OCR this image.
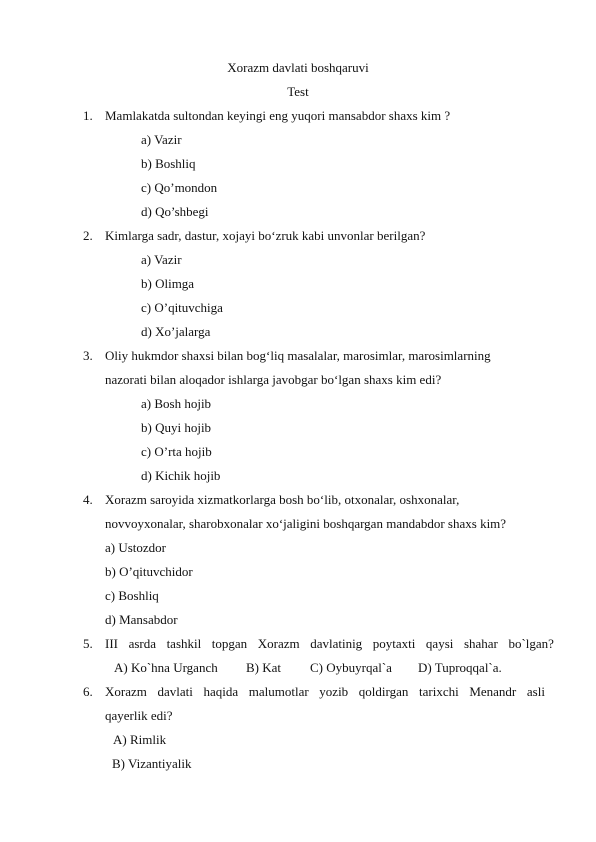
Xorazm davlati boshqaruvi
Test
1. Mamlakatda sultondan keyingi eng yuqori mansabdor shaxs kim ?
a) Vazir
b) Boshliq
c) Qo’mondon
d) Qo’shbegi
2. Kimlarga sadr, dastur, xojayi bo‘zruk kabi unvonlar berilgan?
a) Vazir
b) Olimga
c) O’qituvchiga
d) Xo’jalarga
3. Oliy hukmdor shaxsi bilan bog‘liq masalalar, marosimlar, marosimlarning
nazorati bilan aloqador ishlarga javobgar bo‘lgan shaxs kim edi?
a) Bosh hojib
b) Quyi hojib
c) O’rta hojib
d) Kichik hojib
4. Xorazm saroyida xizmatkorlarga bosh bo‘lib, otxonalar, oshxonalar,
novvoyxonalar, sharobxonalar xo‘jaligini boshqargan mandabdor shaxs kim?
a) Ustozdor
b) O’qituvchidor
c) Boshliq
d) Mansabdor
5. III asrda tashkil topgan Xorazm davlatinig poytaxti qaysi shahar bo`lgan?
A) Ko`hna Urganch B) Kat C) Oybuyrqal`a D) Tuproqqal`a.
6. Xorazm davlati haqida malumotlar yozib qoldirgan tarixchi Menandr asli
qayerlik edi?
A) Rimlik
B) Vizantiyalik
